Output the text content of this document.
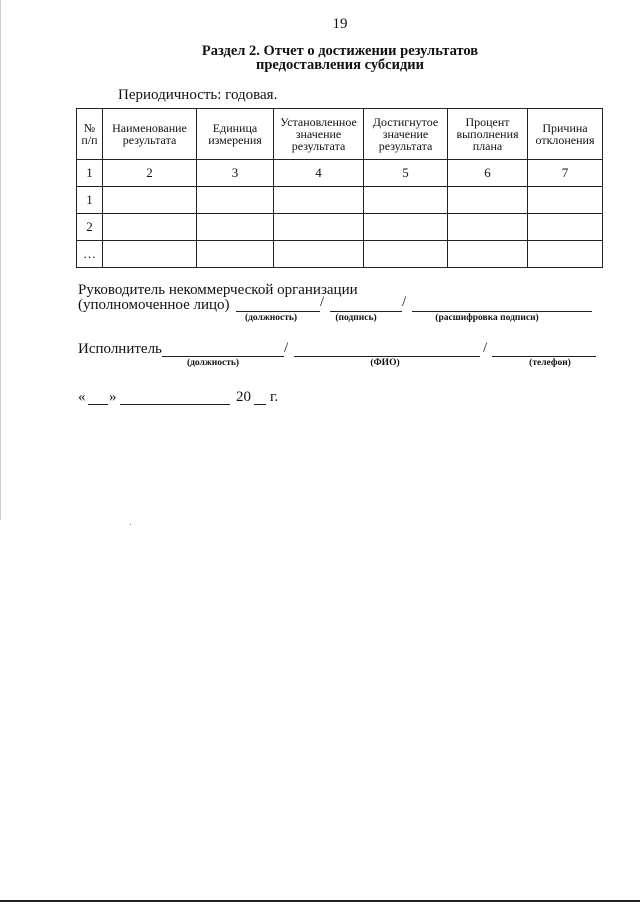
19
Раздел 2. Отчет о достижении результатов
предоставления субсидии
Периодичность: годовая.
№ п/п	Наименование результата	Единица измерения	Установленное значение результата	Достигнутое значение результата	Процент выполнения плана	Причина отклонения
1	2	3	4	5	6	7
1						
2						
…						
Руководитель некоммерческой организации
(уполномоченное лицо)	/	/
(должность)	(подпись)	(расшифровка подписи)
Исполнитель	/	/
(должность)	(ФИО)	(телефон)
« »	20 г.
